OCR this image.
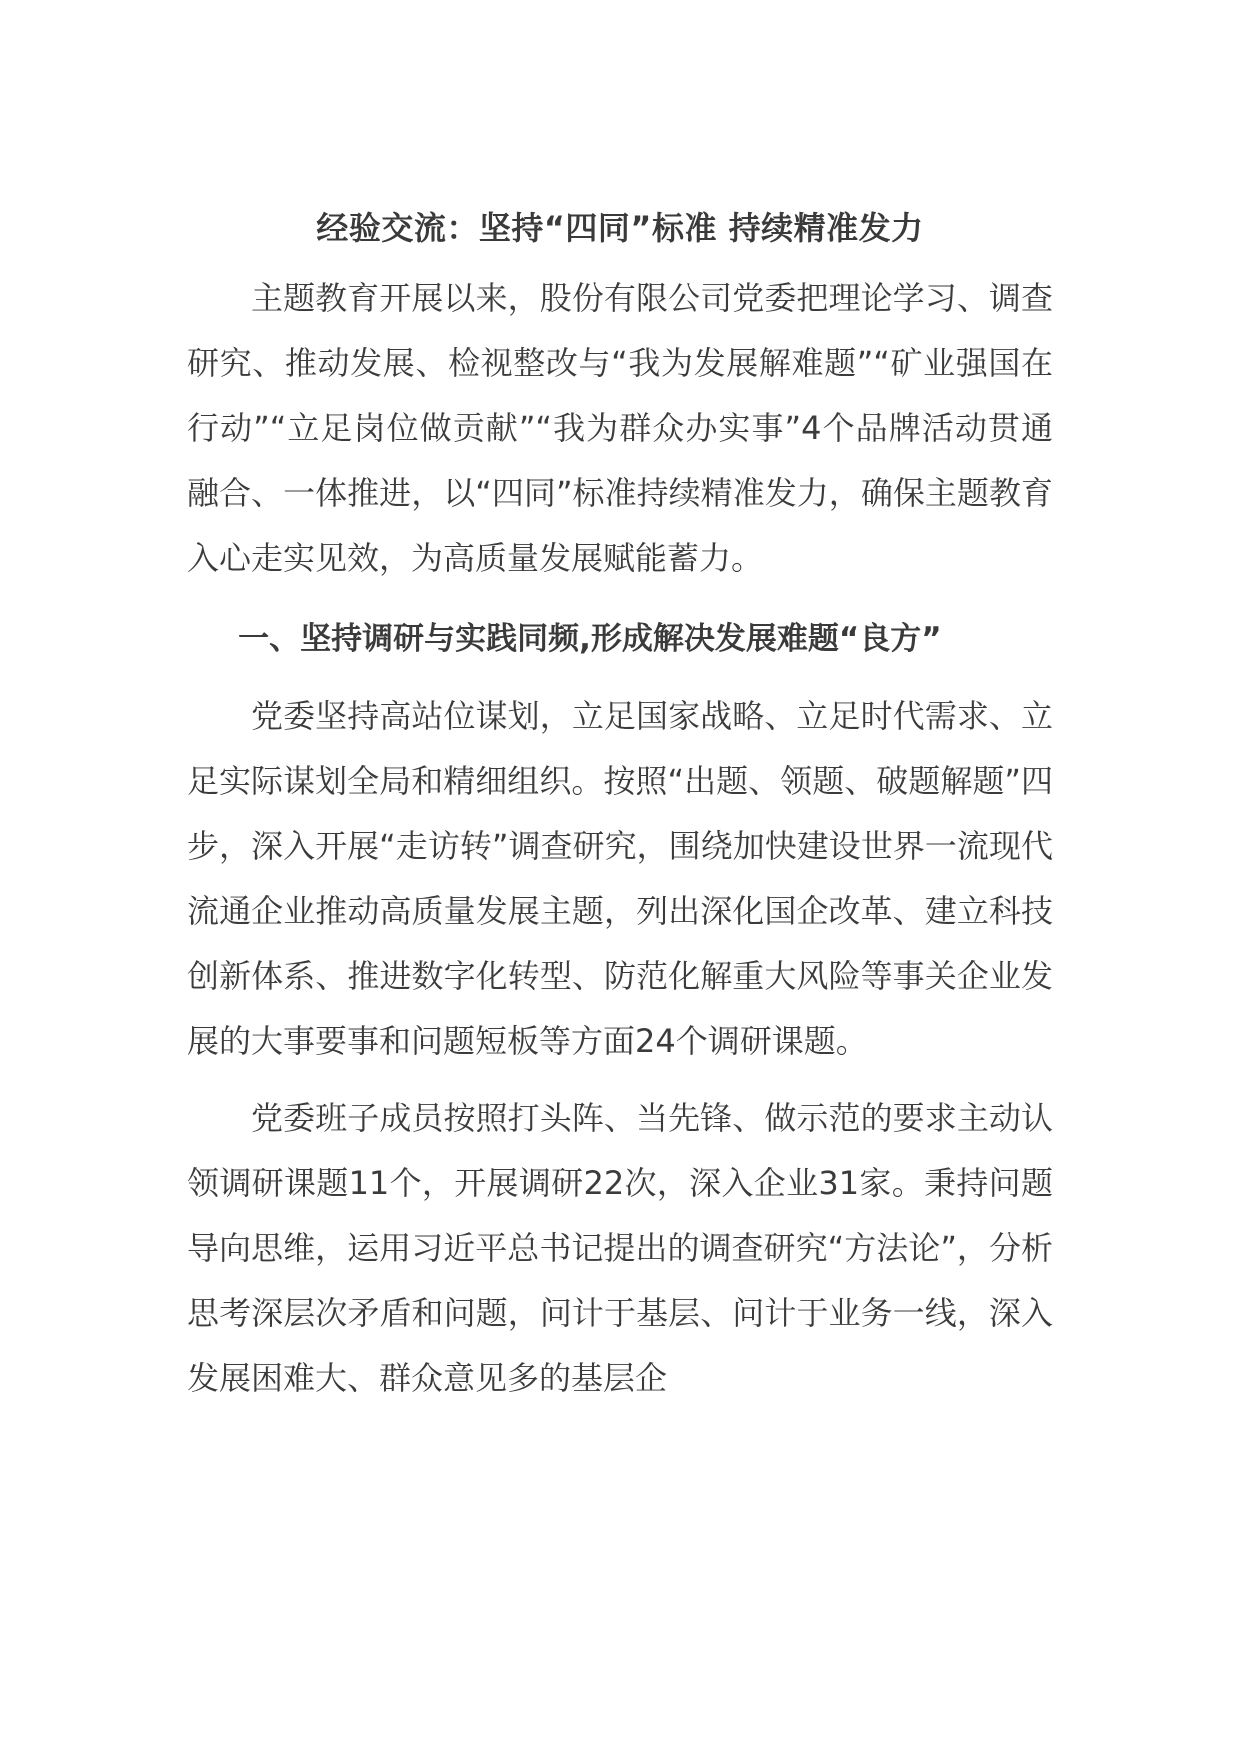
经验交流：坚持“四同”标准 持续精准发力

主题教育开展以来，股份有限公司党委把理论学习、调查研究、推动发展、检视整改与“我为发展解难题”“矿业强国在行动”“立足岗位做贡献”“我为群众办实事”4个品牌活动贯通融合、一体推进，以“四同”标准持续精准发力，确保主题教育入心走实见效，为高质量发展赋能蓄力。

一、坚持调研与实践同频,形成解决发展难题“良方”

党委坚持高站位谋划，立足国家战略、立足时代需求、立足实际谋划全局和精细组织。按照“出题、领题、破题解题”四步，深入开展“走访转”调查研究，围绕加快建设世界一流现代流通企业推动高质量发展主题，列出深化国企改革、建立科技创新体系、推进数字化转型、防范化解重大风险等事关企业发展的大事要事和问题短板等方面24个调研课题。

党委班子成员按照打头阵、当先锋、做示范的要求主动认领调研课题11个，开展调研22次，深入企业31家。秉持问题导向思维，运用习近平总书记提出的调查研究“方法论”，分析思考深层次矛盾和问题，问计于基层、问计于业务一线，深入发展困难大、群众意见多的基层企
